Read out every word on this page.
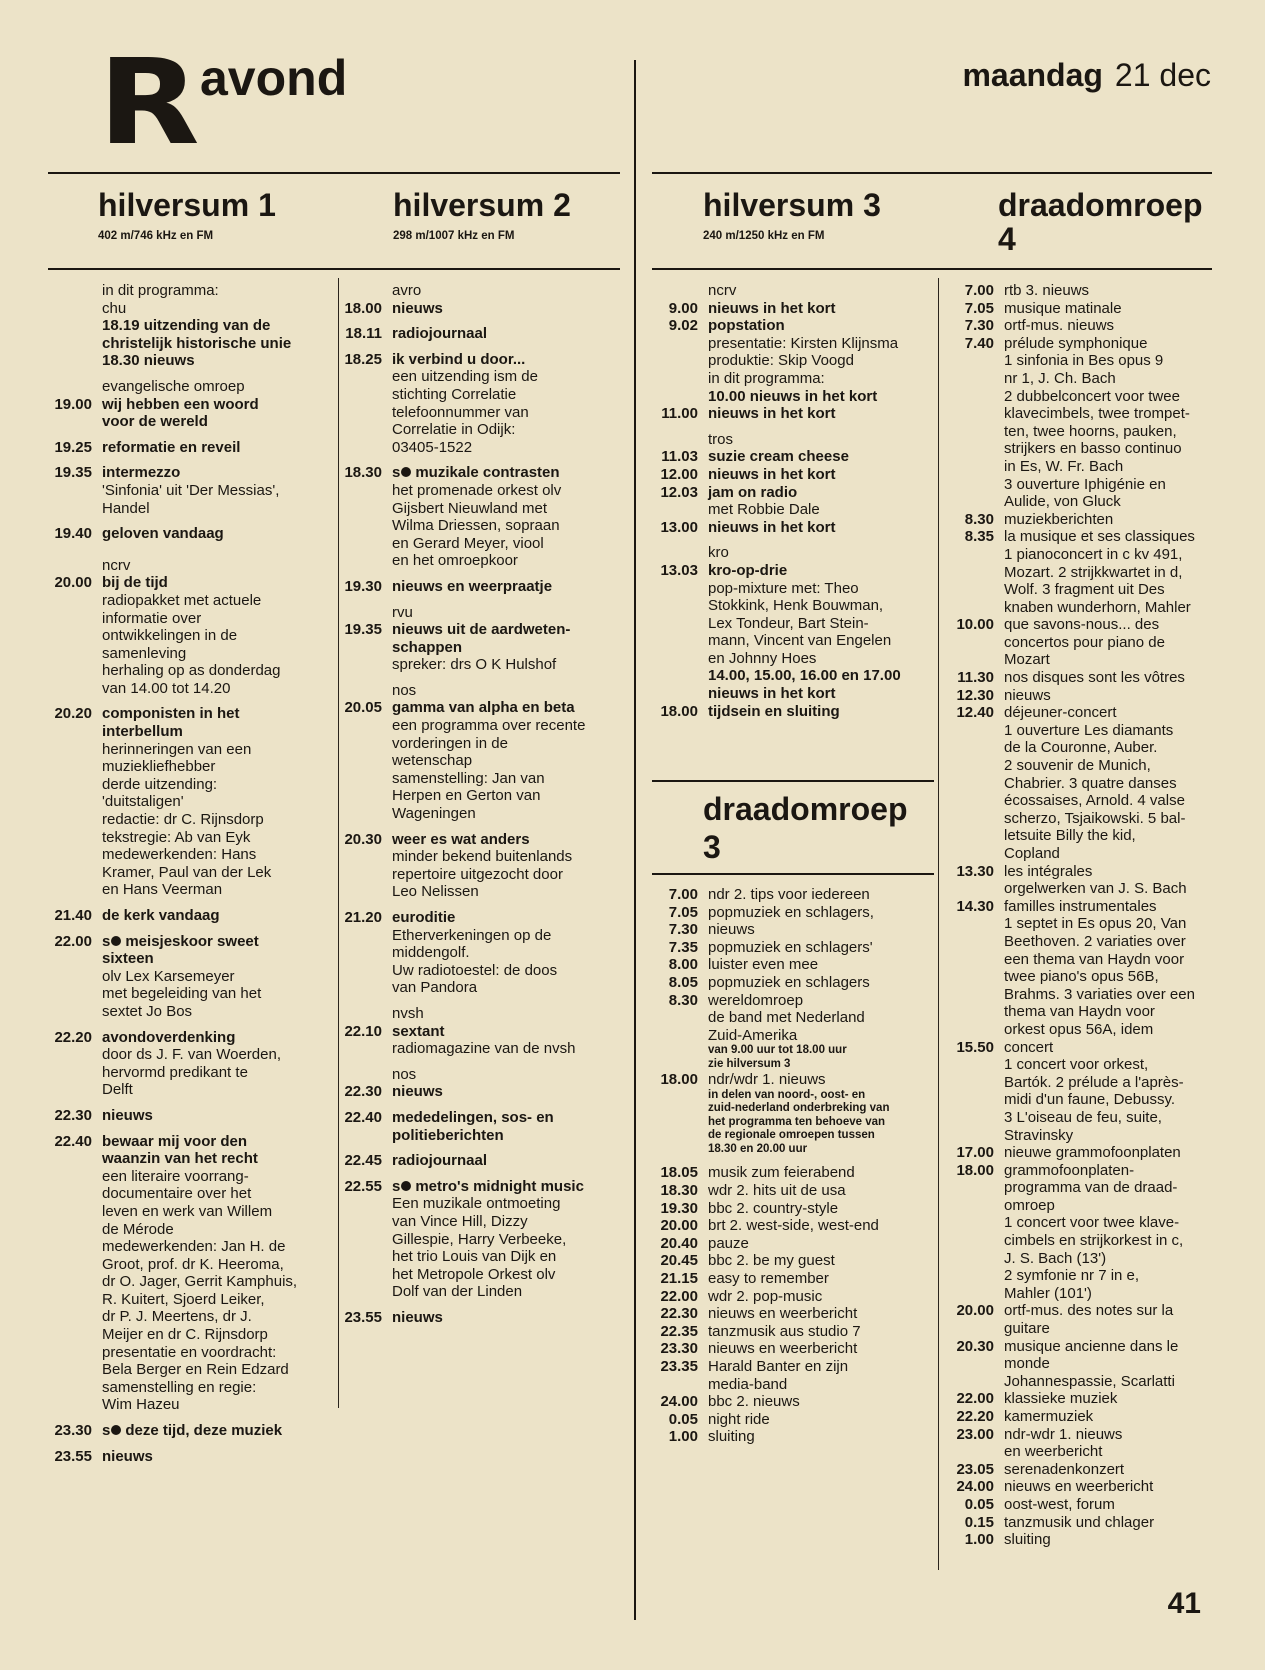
R avond	maandag 21 dec
hilversum 1
402 m/746 kHz en FM
hilversum 2
298 m/1007 kHz en FM
hilversum 3
240 m/1250 kHz en FM
draadomroep
4
in dit programma:
chu
18.19 uitzending van de
christelijk historische unie
18.30 nieuws
evangelische omroep
19.00 wij hebben een woord
voor de wereld
19.25 reformatie en reveil
19.35 intermezzo
'Sinfonia' uit 'Der Messias',
Handel
19.40 geloven vandaag
ncrv
20.00 bij de tijd
radiopakket met actuele
informatie over
ontwikkelingen in de
samenleving
herhaling op as donderdag
van 14.00 tot 14.20
20.20 componisten in het
interbellum
herinneringen van een
muziekliefhebber
derde uitzending:
'duitstaligen'
redactie: dr C. Rijnsdorp
tekstregie: Ab van Eyk
medewerkenden: Hans
Kramer, Paul van der Lek
en Hans Veerman
21.40 de kerk vandaag
22.00 s meisjeskoor sweet
sixteen
olv Lex Karsemeyer
met begeleiding van het
sextet Jo Bos
22.20 avondoverdenking
door ds J. F. van Woerden,
hervormd predikant te
Delft
22.30 nieuws
22.40 bewaar mij voor den
waanzin van het recht
een literaire voorrang-
documentaire over het
leven en werk van Willem
de Mérode
medewerkenden: Jan H. de
Groot, prof. dr K. Heeroma,
dr O. Jager, Gerrit Kamphuis,
R. Kuitert, Sjoerd Leiker,
dr P. J. Meertens, dr J.
Meijer en dr C. Rijnsdorp
presentatie en voordracht:
Bela Berger en Rein Edzard
samenstelling en regie:
Wim Hazeu
23.30 s deze tijd, deze muziek
23.55 nieuws
avro
18.00 nieuws
18.11 radiojournaal
18.25 ik verbind u door...
een uitzending ism de
stichting Correlatie
telefoonnummer van
Correlatie in Odijk:
03405-1522
18.30 s muzikale contrasten
het promenade orkest olv
Gijsbert Nieuwland met
Wilma Driessen, sopraan
en Gerard Meyer, viool
en het omroepkoor
19.30 nieuws en weerpraatje
rvu
19.35 nieuws uit de aardweten-
schappen
spreker: drs O K Hulshof
nos
20.05 gamma van alpha en beta
een programma over recente
vorderingen in de
wetenschap
samenstelling: Jan van
Herpen en Gerton van
Wageningen
20.30 weer es wat anders
minder bekend buitenlands
repertoire uitgezocht door
Leo Nelissen
21.20 euroditie
Etherverkeningen op de
middengolf.
Uw radiotoestel: de doos
van Pandora
nvsh
22.10 sextant
radiomagazine van de nvsh
nos
22.30 nieuws
22.40 mededelingen, sos- en
politieberichten
22.45 radiojournaal
22.55 s metro's midnight music
Een muzikale ontmoeting
van Vince Hill, Dizzy
Gillespie, Harry Verbeeke,
het trio Louis van Dijk en
het Metropole Orkest olv
Dolf van der Linden
23.55 nieuws
ncrv
9.00 nieuws in het kort
9.02 popstation
presentatie: Kirsten Klijnsma
produktie: Skip Voogd
in dit programma:
10.00 nieuws in het kort
11.00 nieuws in het kort
tros
11.03 suzie cream cheese
12.00 nieuws in het kort
12.03 jam on radio
met Robbie Dale
13.00 nieuws in het kort
kro
13.03 kro-op-drie
pop-mixture met: Theo
Stokkink, Henk Bouwman,
Lex Tondeur, Bart Stein-
mann, Vincent van Engelen
en Johnny Hoes
14.00, 15.00, 16.00 en 17.00
nieuws in het kort
18.00 tijdsein en sluiting
draadomroep
3
7.00 ndr 2. tips voor iedereen
7.05 popmuziek en schlagers,
7.30 nieuws
7.35 popmuziek en schlagers'
8.00 luister even mee
8.05 popmuziek en schlagers
8.30 wereldomroep
de band met Nederland
Zuid-Amerika
van 9.00 uur tot 18.00 uur
zie hilversum 3
18.00 ndr/wdr 1. nieuws
in delen van noord-, oost- en
zuid-nederland onderbreking van
het programma ten behoeve van
de regionale omroepen tussen
18.30 en 20.00 uur
18.05 musik zum feierabend
18.30 wdr 2. hits uit de usa
19.30 bbc 2. country-style
20.00 brt 2. west-side, west-end
20.40 pauze
20.45 bbc 2. be my guest
21.15 easy to remember
22.00 wdr 2. pop-music
22.30 nieuws en weerbericht
22.35 tanzmusik aus studio 7
23.30 nieuws en weerbericht
23.35 Harald Banter en zijn
media-band
24.00 bbc 2. nieuws
0.05 night ride
1.00 sluiting
7.00 rtb 3. nieuws
7.05 musique matinale
7.30 ortf-mus. nieuws
7.40 prélude symphonique
1 sinfonia in Bes opus 9
nr 1, J. Ch. Bach
2 dubbelconcert voor twee
klavecimbels, twee trompet-
ten, twee hoorns, pauken,
strijkers en basso continuo
in Es, W. Fr. Bach
3 ouverture Iphigénie en
Aulide, von Gluck
8.30 muziekberichten
8.35 la musique et ses classiques
1 pianoconcert in c kv 491,
Mozart. 2 strijkkwartet in d,
Wolf. 3 fragment uit Des
knaben wunderhorn, Mahler
10.00 que savons-nous... des
concertos pour piano de
Mozart
11.30 nos disques sont les vôtres
12.30 nieuws
12.40 déjeuner-concert
1 ouverture Les diamants
de la Couronne, Auber.
2 souvenir de Munich,
Chabrier. 3 quatre danses
écossaises, Arnold. 4 valse
scherzo, Tsjaikowski. 5 bal-
letsuite Billy the kid,
Copland
13.30 les intégrales
orgelwerken van J. S. Bach
14.30 familles instrumentales
1 septet in Es opus 20, Van
Beethoven. 2 variaties over
een thema van Haydn voor
twee piano's opus 56B,
Brahms. 3 variaties over een
thema van Haydn voor
orkest opus 56A, idem
15.50 concert
1 concert voor orkest,
Bartók. 2 prélude a l'après-
midi d'un faune, Debussy.
3 L'oiseau de feu, suite,
Stravinsky
17.00 nieuwe grammofoonplaten
18.00 grammofoonplaten-
programma van de draad-
omroep
1 concert voor twee klave-
cimbels en strijkorkest in c,
J. S. Bach (13')
2 symfonie nr 7 in e,
Mahler (101')
20.00 ortf-mus. des notes sur la
guitare
20.30 musique ancienne dans le
monde
Johannespassie, Scarlatti
22.00 klassieke muziek
22.20 kamermuziek
23.00 ndr-wdr 1. nieuws
en weerbericht
23.05 serenadenkonzert
24.00 nieuws en weerbericht
0.05 oost-west, forum
0.15 tanzmusik und chlager
1.00 sluiting
41
